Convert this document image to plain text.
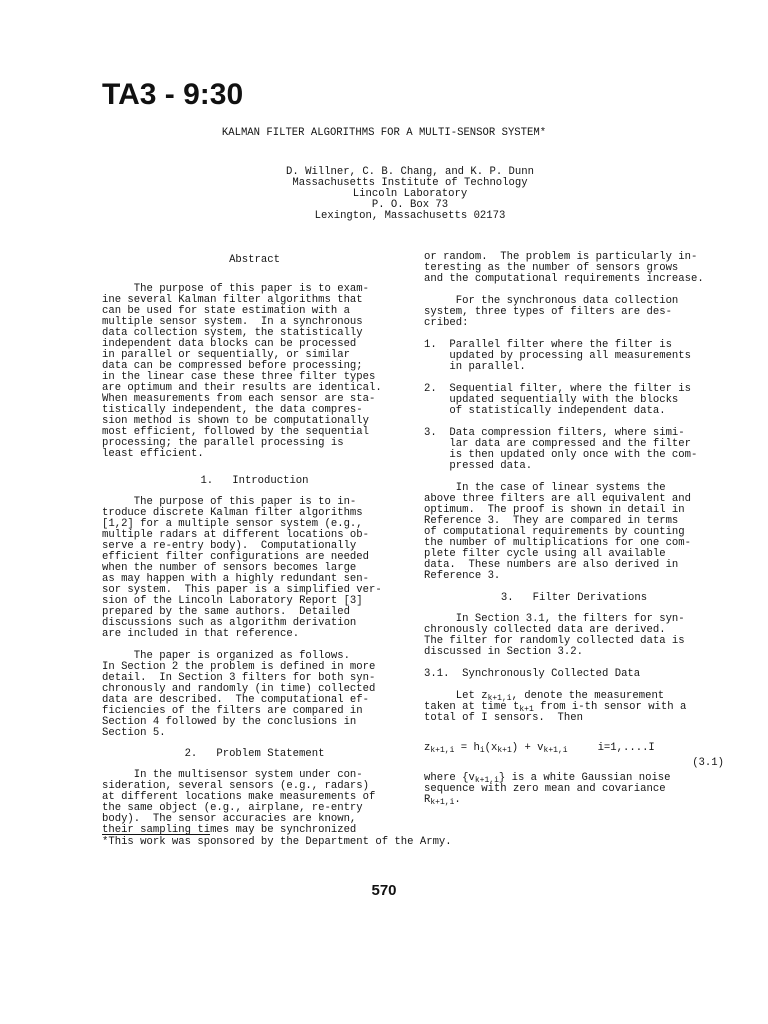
TA3 - 9:30
KALMAN FILTER ALGORITHMS FOR A MULTI-SENSOR SYSTEM*
D. Willner, C. B. Chang, and K. P. Dunn
Massachusetts Institute of Technology
Lincoln Laboratory
P. O. Box 73
Lexington, Massachusetts 02173

Abstract

The purpose of this paper is to exam-

ine several Kalman filter algorithms that

can be used for state estimation with a

multiple sensor system.  In a synchronous

data collection system, the statistically

independent data blocks can be processed

in parallel or sequentially, or similar

data can be compressed before processing;

in the linear case these three filter types

are optimum and their results are identical.

When measurements from each sensor are sta-

tistically independent, the data compres-

sion method is shown to be computationally

most efficient, followed by the sequential

processing; the parallel processing is

least efficient.

1.   Introduction

The purpose of this paper is to in-

troduce discrete Kalman filter algorithms

[1,2] for a multiple sensor system (e.g.,

multiple radars at different locations ob-

serve a re-entry body).  Computationally

efficient filter configurations are needed

when the number of sensors becomes large

as may happen with a highly redundant sen-

sor system.  This paper is a simplified ver-

sion of the Lincoln Laboratory Report [3]

prepared by the same authors.  Detailed

discussions such as algorithm derivation

are included in that reference.

The paper is organized as follows.

In Section 2 the problem is defined in more

detail.  In Section 3 filters for both syn-

chronously and randomly (in time) collected

data are described.  The computational ef-

ficiencies of the filters are compared in

Section 4 followed by the conclusions in

Section 5.

2.   Problem Statement

In the multisensor system under con-

sideration, several sensors (e.g., radars)

at different locations make measurements of

the same object (e.g., airplane, re-entry

body).  The sensor accuracies are known,

their sampling times may be synchronized

or random.  The problem is particularly in-

teresting as the number of sensors grows

and the computational requirements increase.

For the synchronous data collection

system, three types of filters are des-

cribed:

1.  Parallel filter where the filter is

updated by processing all measurements

in parallel.

2.  Sequential filter, where the filter is

updated sequentially with the blocks

of statistically independent data.

3.  Data compression filters, where simi-

lar data are compressed and the filter

is then updated only once with the com-

pressed data.

In the case of linear systems the

above three filters are all equivalent and

optimum.  The proof is shown in detail in

Reference 3.  They are compared in terms

of computational requirements by counting

the number of multiplications for one com-

plete filter cycle using all available

data.  These numbers are also derived in

Reference 3.

3.   Filter Derivations

In Section 3.1, the filters for syn-

chronously collected data are derived.

The filter for randomly collected data is

discussed in Section 3.2.

3.1.  Synchronously Collected Data

Let $z_{k+1,i}$, denote the measurement

taken at time $t_{k+1}$ from i-th sensor with a

total of I sensors.  Then

$z_{k+1,i} = h_i(x_{k+1}) + v_{k+1,i}$	i=1,....I

(3.1)

where $\{v_{k+1,i}\}$ is a white Gaussian noise

sequence with zero mean and covariance

$R_{k+1,i}$.

*This work was sponsored by the Department of the Army.
570
